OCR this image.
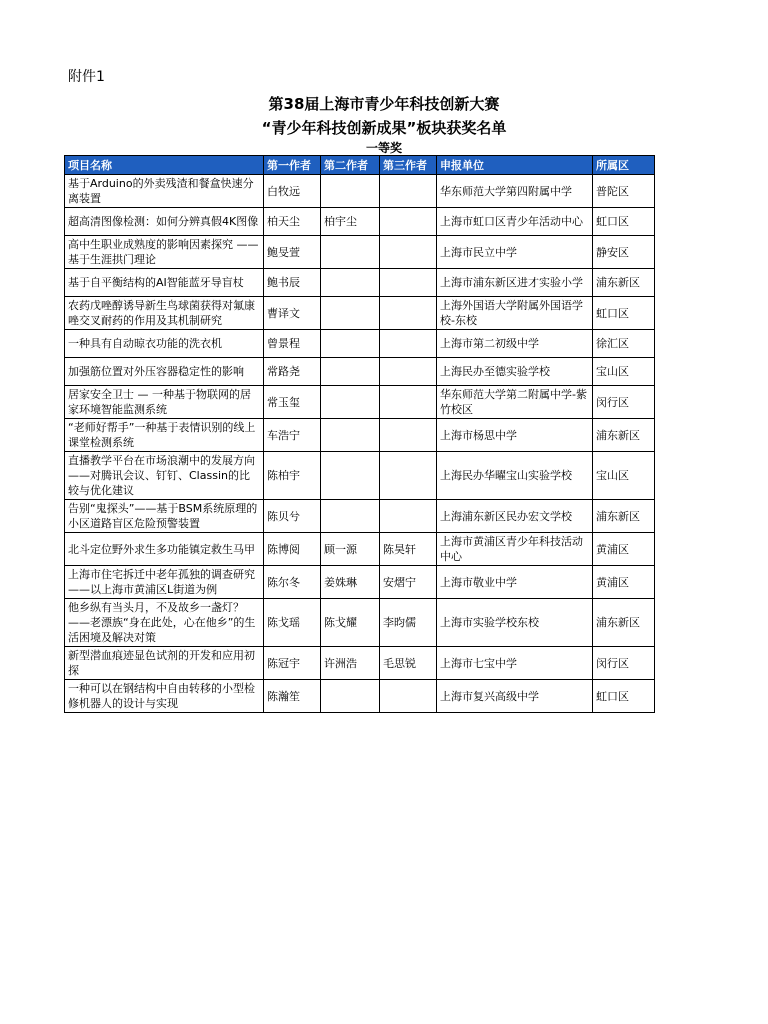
附件1
第38届上海市青少年科技创新大赛
“青少年科技创新成果”板块获奖名单
一等奖
项目名称	第一作者	第二作者	第三作者	申报单位	所属区
基于Arduino的外卖残渣和餐盒快速分离装置	白牧远			华东师范大学第四附属中学	普陀区
超高清图像检测：如何分辨真假4K图像	柏天尘	柏宇尘		上海市虹口区青少年活动中心	虹口区
高中生职业成熟度的影响因素探究 ——基于生涯拱门理论	鲍旻萱			上海市民立中学	静安区
基于自平衡结构的AI智能蓝牙导盲杖	鲍书辰			上海市浦东新区进才实验小学	浦东新区
农药戊唑醇诱导新生鸟球菌获得对氟康唑交叉耐药的作用及其机制研究	曹译文			上海外国语大学附属外国语学校-东校	虹口区
一种具有自动晾衣功能的洗衣机	曾景程			上海市第二初级中学	徐汇区
加强筋位置对外压容器稳定性的影响	常路尧			上海民办至德实验学校	宝山区
居家安全卫士 — 一种基于物联网的居家环境智能监测系统	常玉玺			华东师范大学第二附属中学-紫竹校区	闵行区
“老师好帮手”一种基于表情识别的线上课堂检测系统	车浩宁			上海市杨思中学	浦东新区
直播教学平台在市场浪潮中的发展方向——对腾讯会议、钉钉、Classin的比较与优化建议	陈柏宇			上海民办华曜宝山实验学校	宝山区
告别“鬼探头”——基于BSM系统原理的小区道路盲区危险预警装置	陈贝兮			上海浦东新区民办宏文学校	浦东新区
北斗定位野外求生多功能镇定救生马甲	陈博阅	顾一源	陈昊轩	上海市黄浦区青少年科技活动中心	黄浦区
上海市住宅拆迁中老年孤独的调查研究——以上海市黄浦区L街道为例	陈尔冬	姜姝琳	安熠宁	上海市敬业中学	黄浦区
他乡纵有当头月，不及故乡一盏灯？ ——老漂族“身在此处，心在他乡”的生活困境及解决对策	陈戈瑶	陈戈耀	李昀儒	上海市实验学校东校	浦东新区
新型潜血痕迹显色试剂的开发和应用初探	陈冠宇	许洲浩	毛思锐	上海市七宝中学	闵行区
一种可以在钢结构中自由转移的小型检修机器人的设计与实现	陈瀚笙			上海市复兴高级中学	虹口区
